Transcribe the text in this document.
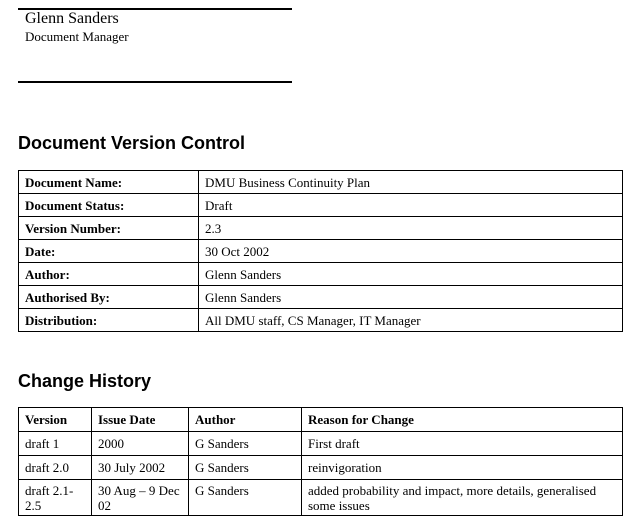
Glenn Sanders
Document Manager
Document Version Control
Document Name:	DMU Business Continuity Plan
Document Status:	Draft
Version Number:	2.3
Date:	30 Oct 2002
Author:	Glenn Sanders
Authorised By:	Glenn Sanders
Distribution:	All DMU staff, CS Manager, IT Manager
Change History
Version	Issue Date	Author	Reason for Change
draft 1	2000	G Sanders	First draft
draft 2.0	30 July 2002	G Sanders	reinvigoration
draft 2.1-2.5	30 Aug – 9 Dec 02	G Sanders	added probability and impact, more details, generalised some issues
